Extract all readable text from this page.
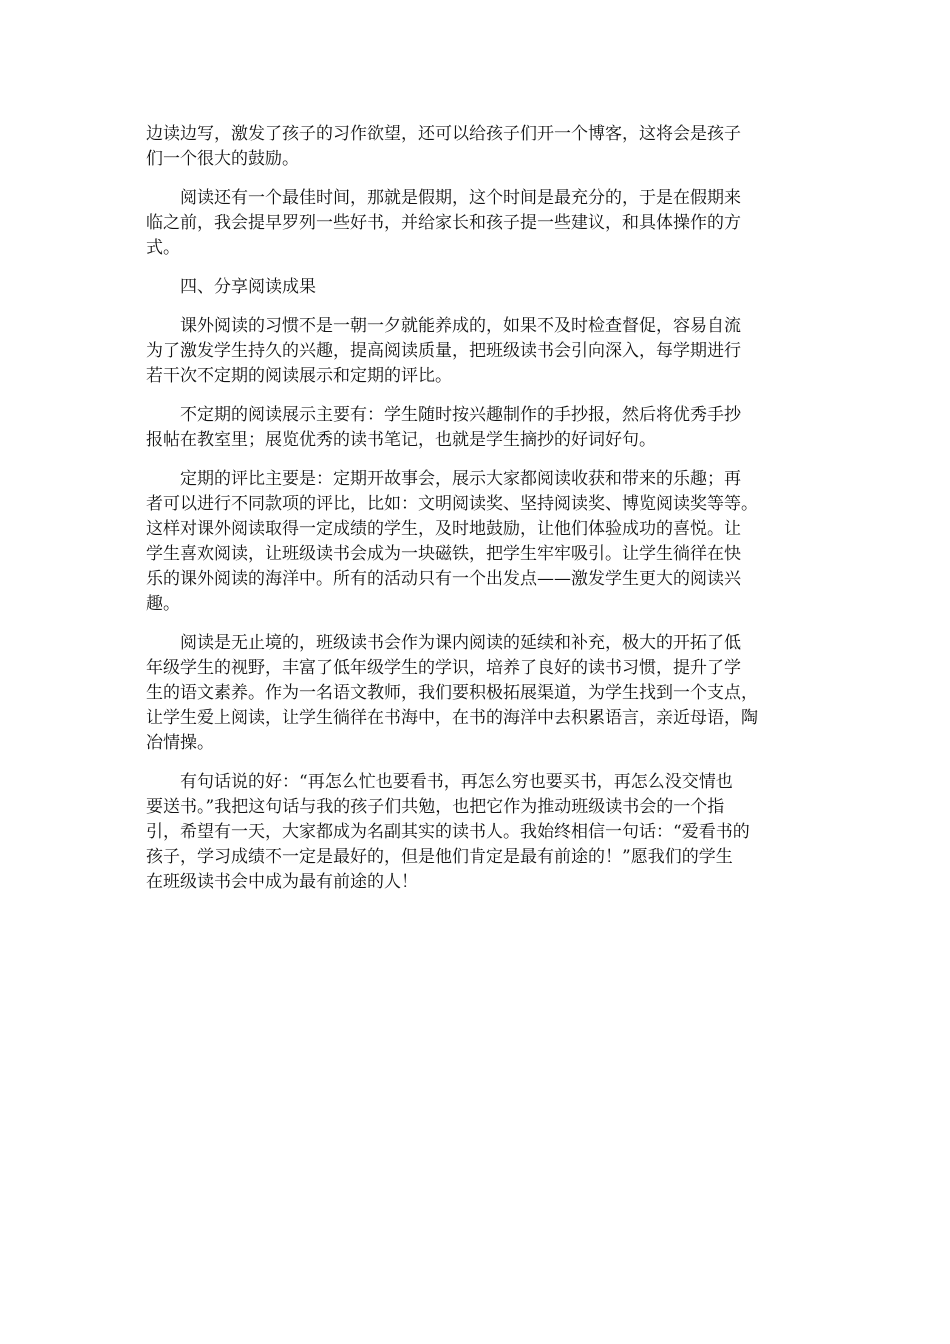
边读边写，激发了孩子的习作欲望，还可以给孩子们开一个博客，这将会是孩子
们一个很大的鼓励。

阅读还有一个最佳时间，那就是假期，这个时间是最充分的，于是在假期来
临之前，我会提早罗列一些好书，并给家长和孩子提一些建议，和具体操作的方
式。

四、分享阅读成果

课外阅读的习惯不是一朝一夕就能养成的，如果不及时检查督促，容易自流
为了激发学生持久的兴趣，提高阅读质量，把班级读书会引向深入，每学期进行
若干次不定期的阅读展示和定期的评比。

不定期的阅读展示主要有：学生随时按兴趣制作的手抄报，然后将优秀手抄
报帖在教室里；展览优秀的读书笔记，也就是学生摘抄的好词好句。

定期的评比主要是：定期开故事会，展示大家都阅读收获和带来的乐趣；再
者可以进行不同款项的评比，比如：文明阅读奖、坚持阅读奖、博览阅读奖等等。
这样对课外阅读取得一定成绩的学生，及时地鼓励，让他们体验成功的喜悦。让
学生喜欢阅读，让班级读书会成为一块磁铁，把学生牢牢吸引。让学生徜徉在快
乐的课外阅读的海洋中。所有的活动只有一个出发点——激发学生更大的阅读兴
趣。

阅读是无止境的，班级读书会作为课内阅读的延续和补充，极大的开拓了低
年级学生的视野，丰富了低年级学生的学识，培养了良好的读书习惯，提升了学
生的语文素养。作为一名语文教师，我们要积极拓展渠道，为学生找到一个支点，
让学生爱上阅读，让学生徜徉在书海中，在书的海洋中去积累语言，亲近母语，陶
冶情操。

有句话说的好：“再怎么忙也要看书，再怎么穷也要买书，再怎么没交情也
要送书。”我把这句话与我的孩子们共勉，也把它作为推动班级读书会的一个指
引，希望有一天，大家都成为名副其实的读书人。我始终相信一句话：“爱看书的
孩子，学习成绩不一定是最好的，但是他们肯定是最有前途的！”愿我们的学生
在班级读书会中成为最有前途的人！
